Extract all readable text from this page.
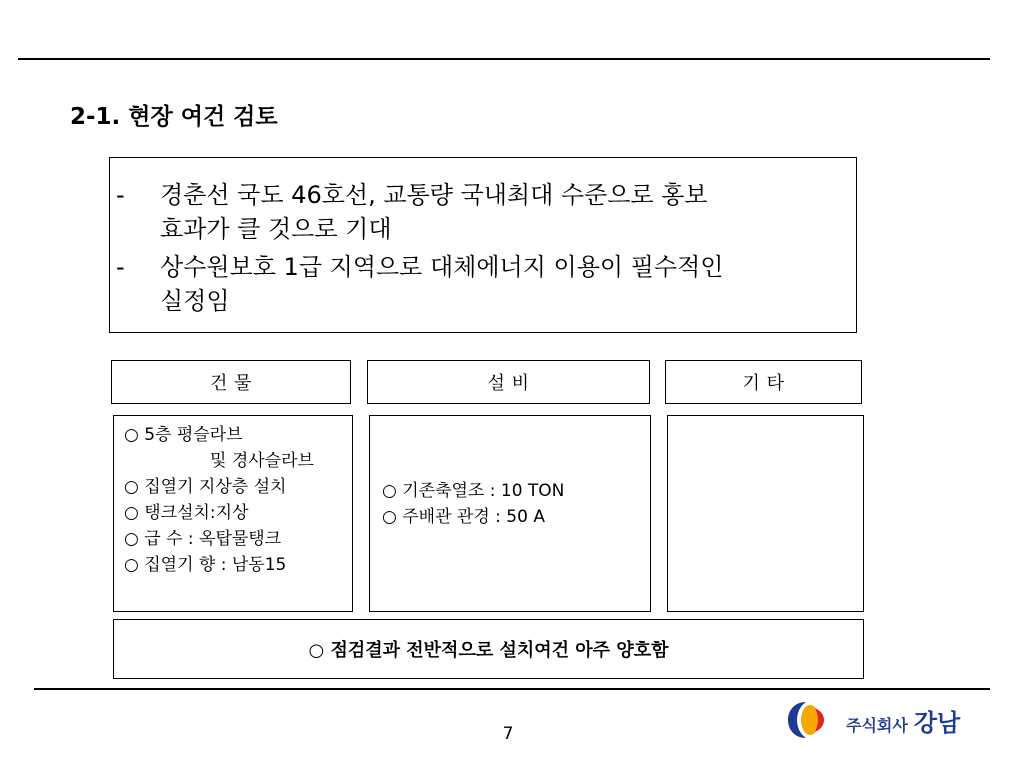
2-1. 현장 여건 검토
- 경춘선 국도 46호선, 교통량 국내최대 수준으로 홍보
효과가 클 것으로 기대
- 상수원보호 1급 지역으로 대체에너지 이용이 필수적인
실정임
건 물	설 비	기 타
○ 5층 평슬라브
및 경사슬라브
○ 집열기 지상층 설치
○ 탱크설치:지상
○ 급 수 : 옥탑물탱크
○ 집열기 향 : 남동15
○ 기존축열조 : 10 TON
○ 주배관 관경 : 50 A
○ 점검결과 전반적으로 설치여건 아주 양호함
7	주식회사 강남
